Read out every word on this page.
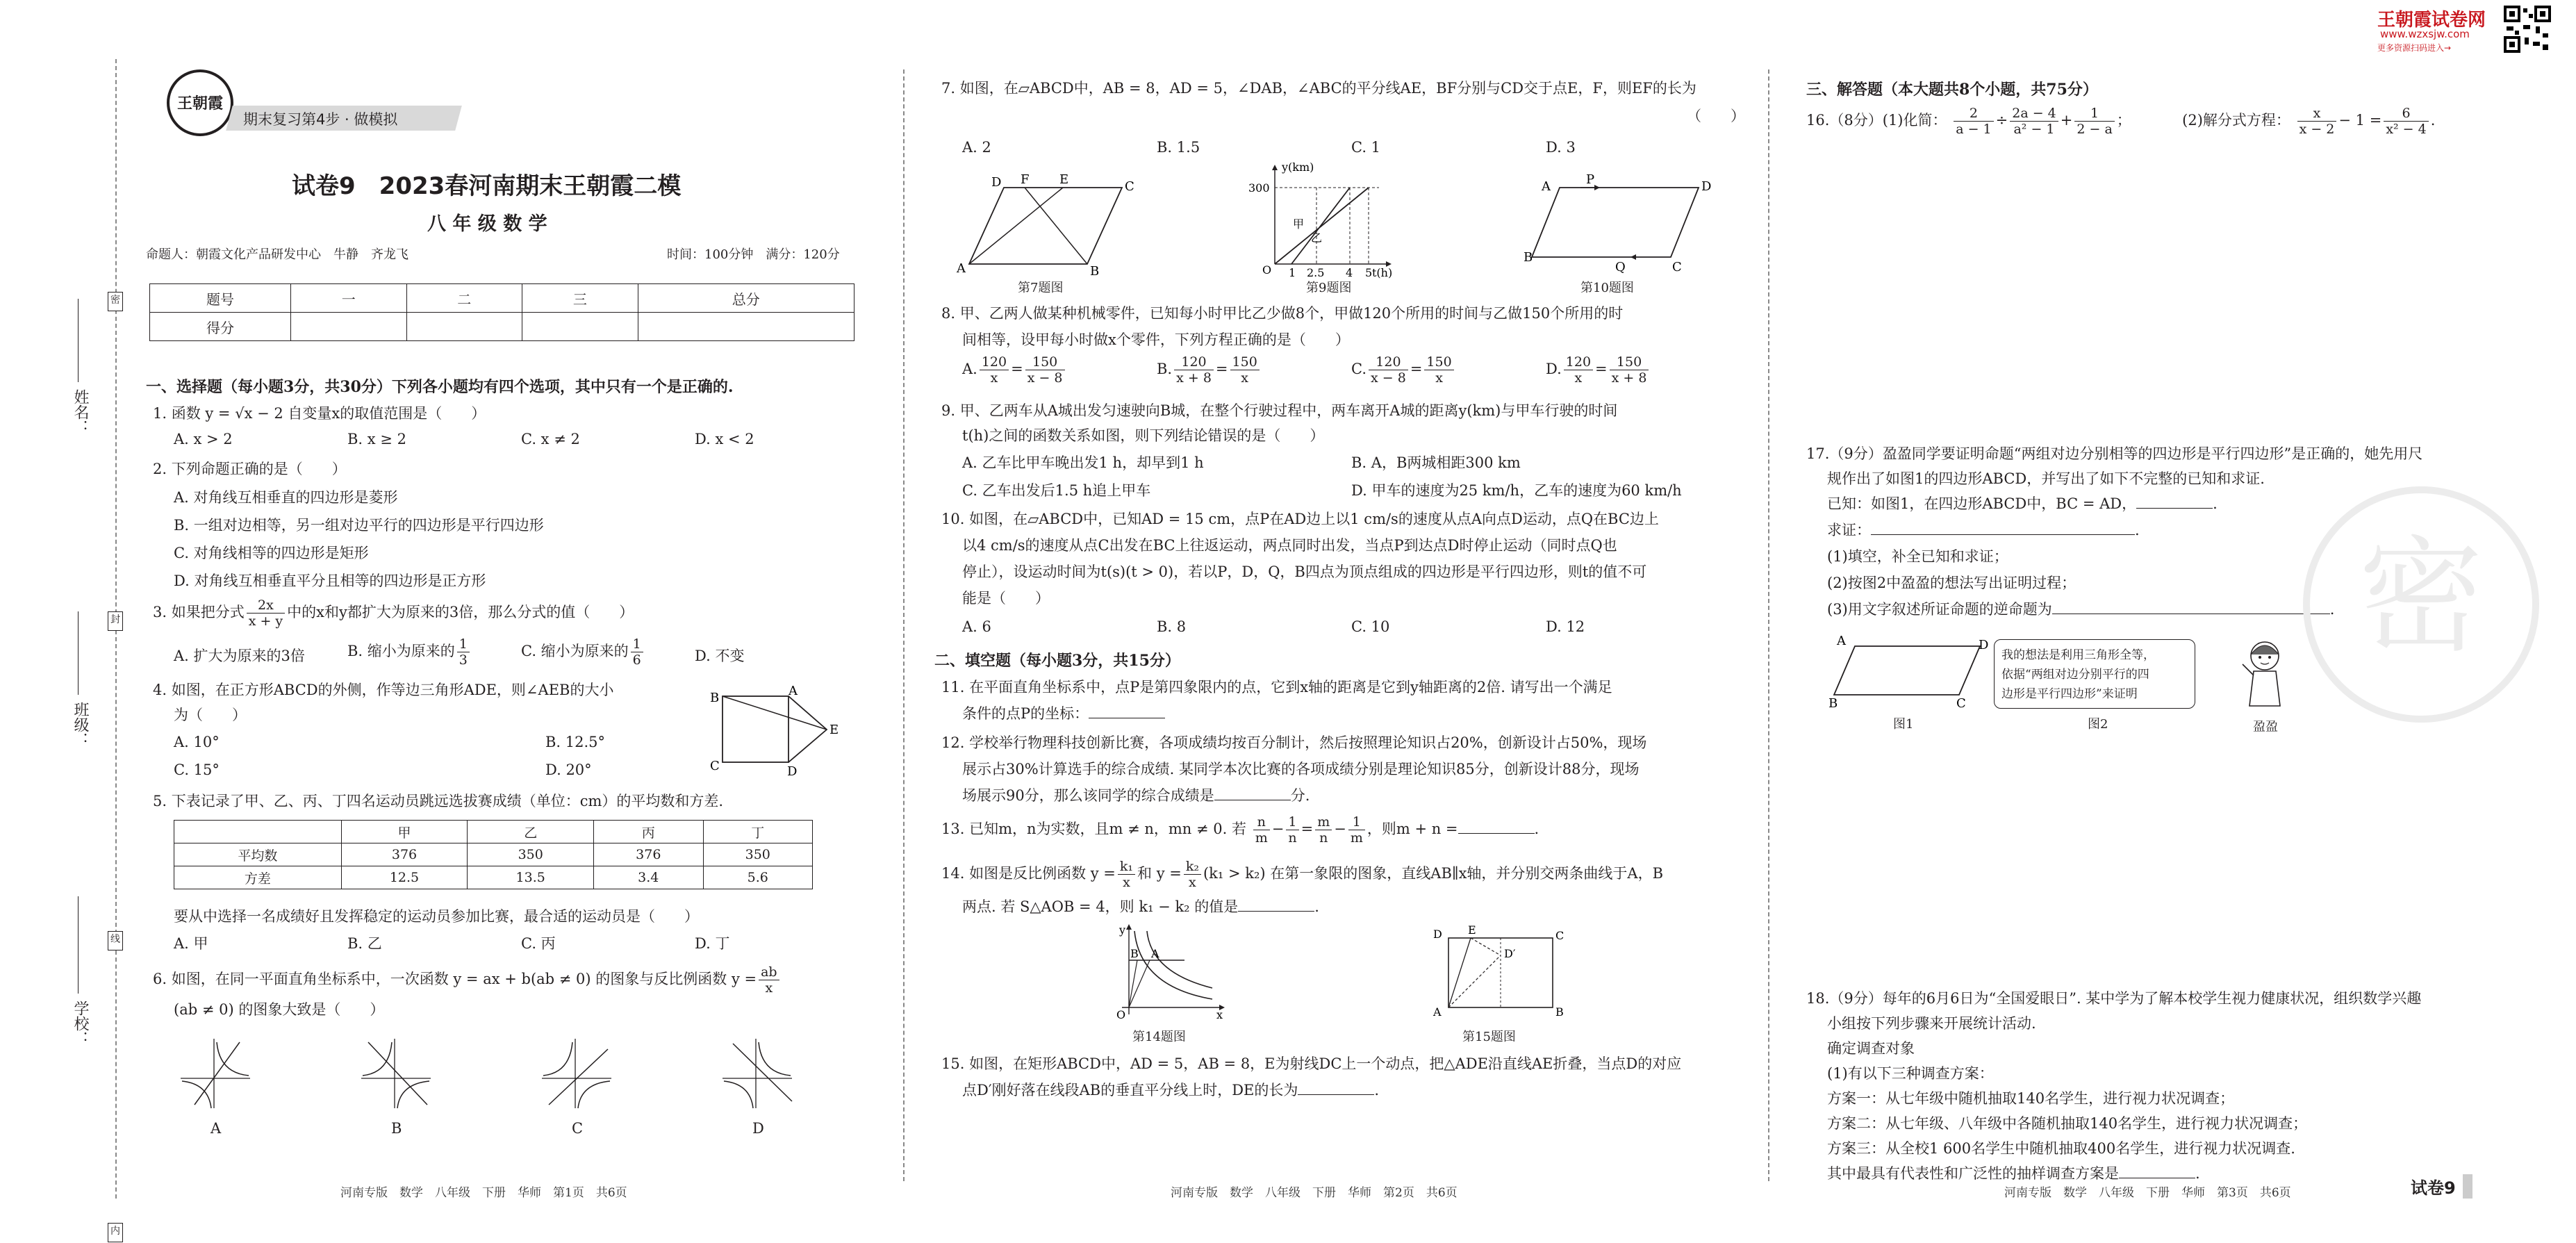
王朝霞试卷网
www.wzxsjw.com
更多资源扫码进入→
姓名：
班级：
学校：
密
封
线
内
王朝霞
期末复习第4步 · 做模拟
试卷9　2023春河南期末王朝霞二模
八 年 级 数 学
命题人：朝霞文化产品研发中心　牛静　齐龙飞	时间：100分钟　满分：120分
题号	一	二	三	总分
得分				
一、选择题（每小题3分，共30分）下列各小题均有四个选项，其中只有一个是正确的.
1. 函数 y = √x − 2 自变量x的取值范围是（　　）
A. x > 2	B. x ≥ 2	C. x ≠ 2	D. x < 2
2. 下列命题正确的是（　　）
A. 对角线互相垂直的四边形是菱形
B. 一组对边相等，另一组对边平行的四边形是平行四边形
C. 对角线相等的四边形是矩形
D. 对角线互相垂直平分且相等的四边形是正方形
3. 如果把分式 $\frac{2x}{x + y}$ 中的x和y都扩大为原来的3倍，那么分式的值（　　）
A. 扩大为原来的3倍	B. 缩小为原来的 $\frac{1}{3}$	C. 缩小为原来的 $\frac{1}{6}$	D. 不变
4. 如图，在正方形ABCD的外侧，作等边三角形ADE，则∠AEB的大小
为（　　）
A. 10°	B. 12.5°
C. 15°	D. 20°
B	A
E
C	D
5. 下表记录了甲、乙、丙、丁四名运动员跳远选拔赛成绩（单位：cm）的平均数和方差.
	甲	乙	丙	丁
平均数	376	350	376	350
方差	12.5	13.5	3.4	5.6
要从中选择一名成绩好且发挥稳定的运动员参加比赛，最合适的运动员是（　　）
A. 甲	B. 乙	C. 丙	D. 丁
6. 如图，在同一平面直角坐标系中，一次函数 y = ax + b(ab ≠ 0) 的图象与反比例函数 $y = \frac{ab}{x}$
(ab ≠ 0) 的图象大致是（　　）
A	B	C	D
河南专版　数学　八年级　下册　华师　第1页　共6页
7. 如图，在▱ABCD中，AB = 8，AD = 5，∠DAB，∠ABC的平分线AE，BF分别与CD交于点E，F，则EF的长为
（　　）
A. 2	B. 1.5	C. 1	D. 3
D F E	C
A	B
第7题图
y(km)
300
甲
乙
O 1 2.5 4 5 t(h)
第9题图
A	P	D
B
Q	C
第10题图
8. 甲、乙两人做某种机械零件，已知每小时甲比乙少做8个，甲做120个所用的时间与乙做150个所用的时
间相等，设甲每小时做x个零件，下列方程正确的是（　　）
A. $\frac{120}{x} = \frac{150}{x - 8}$	B. $\frac{120}{x + 8} = \frac{150}{x}$	C. $\frac{120}{x - 8} = \frac{150}{x}$	D. $\frac{120}{x} = \frac{150}{x + 8}$
9. 甲、乙两车从A城出发匀速驶向B城，在整个行驶过程中，两车离开A城的距离y(km)与甲车行驶的时间
t(h)之间的函数关系如图，则下列结论错误的是（　　）
A. 乙车比甲车晚出发1 h，却早到1 h	B. A，B两城相距300 km
C. 乙车出发后1.5 h追上甲车	D. 甲车的速度为25 km/h，乙车的速度为60 km/h
10. 如图，在▱ABCD中，已知AD = 15 cm，点P在AD边上以1 cm/s的速度从点A向点D运动，点Q在BC边上
以4 cm/s的速度从点C出发在BC上往返运动，两点同时出发，当点P到达点D时停止运动（同时点Q也
停止），设运动时间为t(s)(t > 0)，若以P，D，Q，B四点为顶点组成的四边形是平行四边形，则t的值不可
能是（　　）
A. 6	B. 8	C. 10	D. 12
二、填空题（每小题3分，共15分）
11. 在平面直角坐标系中，点P是第四象限内的点，它到x轴的距离是它到y轴距离的2倍. 请写出一个满足
条件的点P的坐标：
12. 学校举行物理科技创新比赛，各项成绩均按百分制计，然后按照理论知识占20%，创新设计占50%，现场
展示占30%计算选手的综合成绩. 某同学本次比赛的各项成绩分别是理论知识85分，创新设计88分，现场
场展示90分，那么该同学的综合成绩是	分.
13. 已知m，n为实数，且m ≠ n，mn ≠ 0. 若 $\frac{n}{m} - \frac{1}{n} = \frac{m}{n} - \frac{1}{m}$ ，则m + n =	.
14. 如图是反比例函数 $y = \frac{\text{k₁}}{x}$ 和 $y = \frac{\text{k₂}}{x} (k_1 > k_2)$ 在第一象限的图象，直线AB∥x轴，并分别交两条曲线于A，B
两点. 若 S△AOB = 4，则 k₁ − k₂ 的值是	.
y
B A
O	x
第14题图
D E	C
D′
A	B
第15题图
15. 如图，在矩形ABCD中，AD = 5，AB = 8，E为射线DC上一个动点，把△ADE沿直线AE折叠，当点D的对应
点D′刚好落在线段AB的垂直平分线上时，DE的长为	.
河南专版　数学　八年级　下册　华师　第2页　共6页
三、解答题（本大题共8个小题，共75分）
16.（8分）(1)化简： $\frac{2}{a - 1} \div \frac{2a - 4}{\text{a² − 1}} + \frac{1}{2 - a}$ ；	(2)解分式方程： $\frac{x}{x - 2} - 1 = \frac{6}{\text{x² − 4}}$ .
17.（9分）盈盈同学要证明命题“两组对边分别相等的四边形是平行四边形”是正确的，她先用尺
规作出了如图1的四边形ABCD，并写出了如下不完整的已知和求证.
已知：如图1，在四边形ABCD中，BC = AD，	.
求证：	.
(1)填空，补全已知和求证；
(2)按图2中盈盈的想法写出证明过程；
(3)用文字叙述所证命题的逆命题为	.
A	D
B	C
图1
我的想法是利用三角形全等，
依据“两组对边分别平行的四
边形是平行四边形”来证明
图2	盈盈
密
18.（9分）每年的6月6日为“全国爱眼日”. 某中学为了解本校学生视力健康状况，组织数学兴趣
小组按下列步骤来开展统计活动.
确定调查对象
(1)有以下三种调查方案：
方案一：从七年级中随机抽取140名学生，进行视力状况调查；
方案二：从七年级、八年级中各随机抽取140名学生，进行视力状况调查；
方案三：从全校1 600名学生中随机抽取400名学生，进行视力状况调查.
其中最具有代表性和广泛性的抽样调查方案是	.
河南专版　数学　八年级　下册　华师　第3页　共6页	试卷9
